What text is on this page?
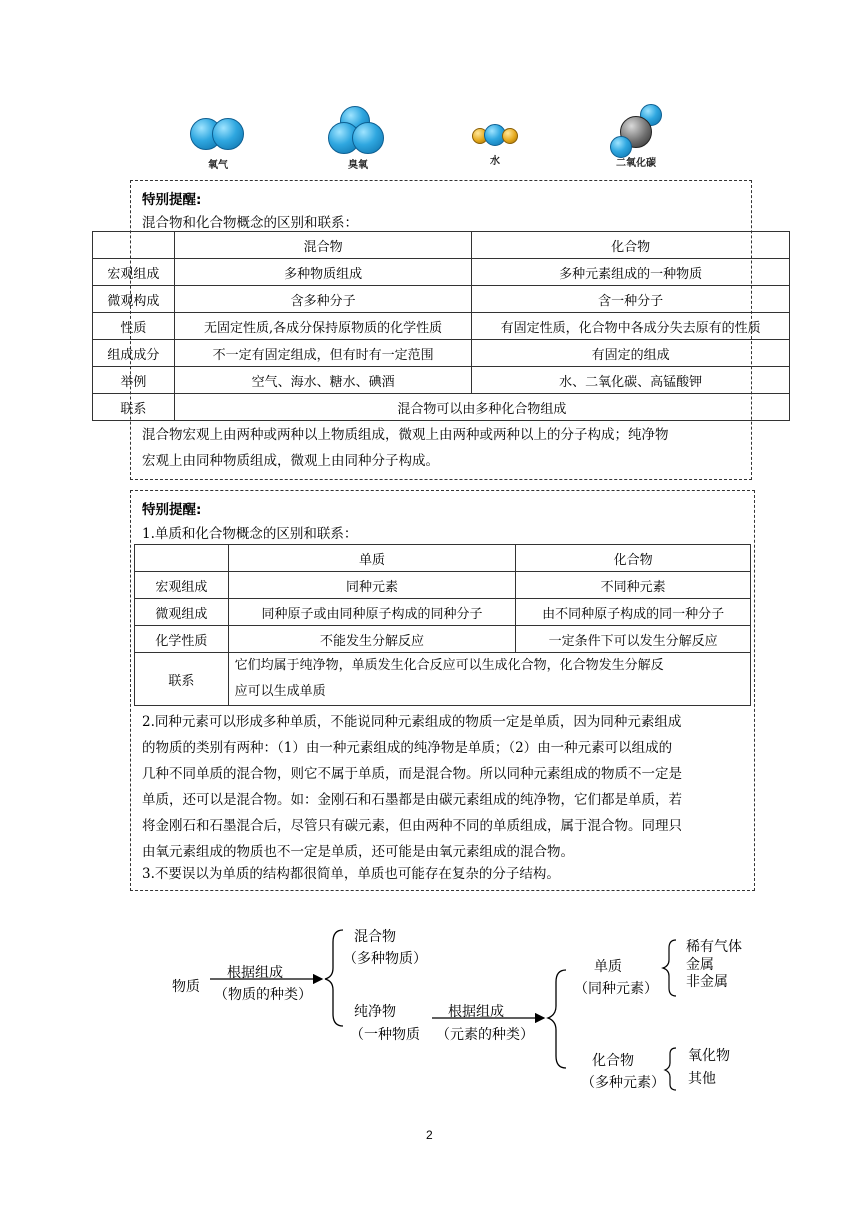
氧气	臭氧	水	二氧化碳
特别提醒:
混合物和化合物概念的区别和联系：
	混合物	化合物
宏观组成	多种物质组成	多种元素组成的一种物质
微观构成	含多种分子	含一种分子
性质	无固定性质,各成分保持原物质的化学性质	有固定性质，化合物中各成分失去原有的性质
组成成分	不一定有固定组成，但有时有一定范围	有固定的组成
举例	空气、海水、糖水、碘酒	水、二氧化碳、高锰酸钾
联系	混合物可以由多种化合物组成	
混合物宏观上由两种或两种以上物质组成，微观上由两种或两种以上的分子构成；纯净物
宏观上由同种物质组成，微观上由同种分子构成。
特别提醒:
1.单质和化合物概念的区别和联系：
	单质	化合物
宏观组成	同种元素	不同种元素
微观组成	同种原子或由同种原子构成的同种分子	由不同种原子构成的同一种分子
化学性质	不能发生分解反应	一定条件下可以发生分解反应
联系	它们均属于纯净物，单质发生化合反应可以生成化合物，化合物发生分解反
应可以生成单质	
2.同种元素可以形成多种单质，不能说同种元素组成的物质一定是单质，因为同种元素组成
的物质的类别有两种：（1）由一种元素组成的纯净物是单质；（2）由一种元素可以组成的
几种不同单质的混合物，则它不属于单质，而是混合物。所以同种元素组成的物质不一定是
单质，还可以是混合物。如：金刚石和石墨都是由碳元素组成的纯净物，它们都是单质，若
将金刚石和石墨混合后，尽管只有碳元素，但由两种不同的单质组成，属于混合物。同理只
由氧元素组成的物质也不一定是单质，还可能是由氧元素组成的混合物。
3.不要误以为单质的结构都很简单，单质也可能存在复杂的分子结构。
物质
根据组成
（物质的种类）
混合物
（多种物质）
纯净物
（一种物质
根据组成
（元素的种类）
单质
（同种元素）
稀有气体
金属
非金属
化合物
（多种元素）
氧化物
其他
2
